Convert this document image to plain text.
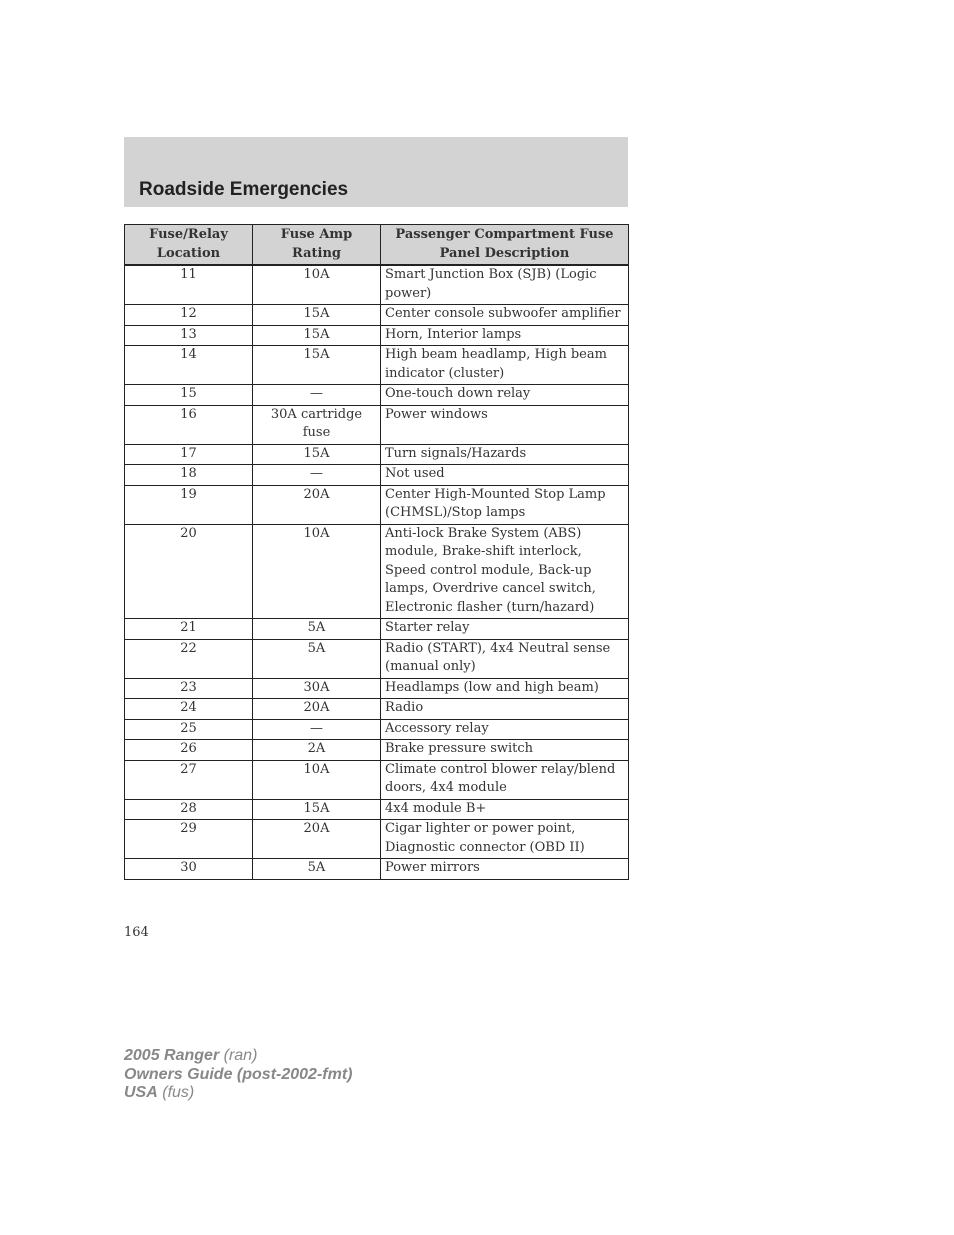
Roadside Emergencies
Fuse/Relay Location	Fuse Amp Rating	Passenger Compartment Fuse Panel Description
11	10A	Smart Junction Box (SJB) (Logic power)
12	15A	Center console subwoofer amplifier
13	15A	Horn, Interior lamps
14	15A	High beam headlamp, High beam indicator (cluster)
15	—	One-touch down relay
16	30A cartridge fuse	Power windows
17	15A	Turn signals/Hazards
18	—	Not used
19	20A	Center High-Mounted Stop Lamp (CHMSL)/Stop lamps
20	10A	Anti-lock Brake System (ABS) module, Brake-shift interlock, Speed control module, Back-up lamps, Overdrive cancel switch, Electronic flasher (turn/hazard)
21	5A	Starter relay
22	5A	Radio (START), 4x4 Neutral sense (manual only)
23	30A	Headlamps (low and high beam)
24	20A	Radio
25	—	Accessory relay
26	2A	Brake pressure switch
27	10A	Climate control blower relay/blend doors, 4x4 module
28	15A	4x4 module B+
29	20A	Cigar lighter or power point, Diagnostic connector (OBD II)
30	5A	Power mirrors
164
2005 Ranger (ran)
Owners Guide (post-2002-fmt)
USA (fus)
